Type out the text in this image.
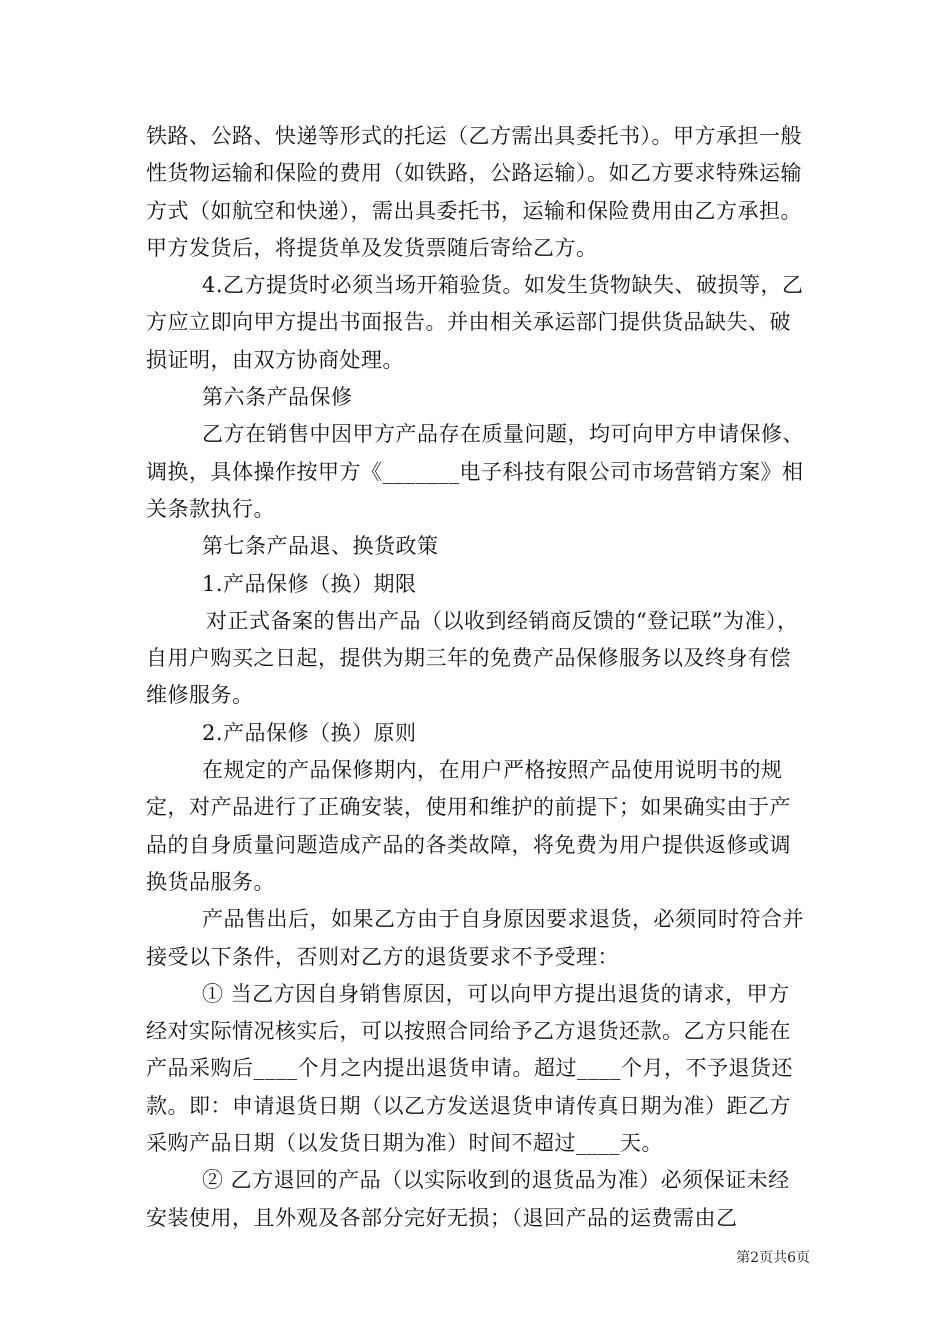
铁路、公路、快递等形式的托运（乙方需出具委托书）。甲方承担一般性货物运输和保险的费用（如铁路，公路运输）。如乙方要求特殊运输方式（如航空和快递），需出具委托书，运输和保险费用由乙方承担。甲方发货后，将提货单及发货票随后寄给乙方。

4.乙方提货时必须当场开箱验货。如发生货物缺失、破损等，乙方应立即向甲方提出书面报告。并由相关承运部门提供货品缺失、破损证明，由双方协商处理。

第六条产品保修

乙方在销售中因甲方产品存在质量问题，均可向甲方申请保修、调换，具体操作按甲方《_______电子科技有限公司市场营销方案》相关条款执行。

第七条产品退、换货政策

1.产品保修（换）期限

对正式备案的售出产品（以收到经销商反馈的“登记联”为准），自用户购买之日起，提供为期三年的免费产品保修服务以及终身有偿维修服务。

2.产品保修（换）原则

在规定的产品保修期内，在用户严格按照产品使用说明书的规定，对产品进行了正确安装，使用和维护的前提下；如果确实由于产品的自身质量问题造成产品的各类故障，将免费为用户提供返修或调换货品服务。

产品售出后，如果乙方由于自身原因要求退货，必须同时符合并接受以下条件，否则对乙方的退货要求不予受理：

① 当乙方因自身销售原因，可以向甲方提出退货的请求，甲方经对实际情况核实后，可以按照合同给予乙方退货还款。乙方只能在产品采购后____个月之内提出退货申请。超过____个月，不予退货还款。即：申请退货日期（以乙方发送退货申请传真日期为准）距乙方采购产品日期（以发货日期为准）时间不超过____天。

② 乙方退回的产品（以实际收到的退货品为准）必须保证未经安装使用，且外观及各部分完好无损；（退回产品的运费需由乙

第2页共6页
